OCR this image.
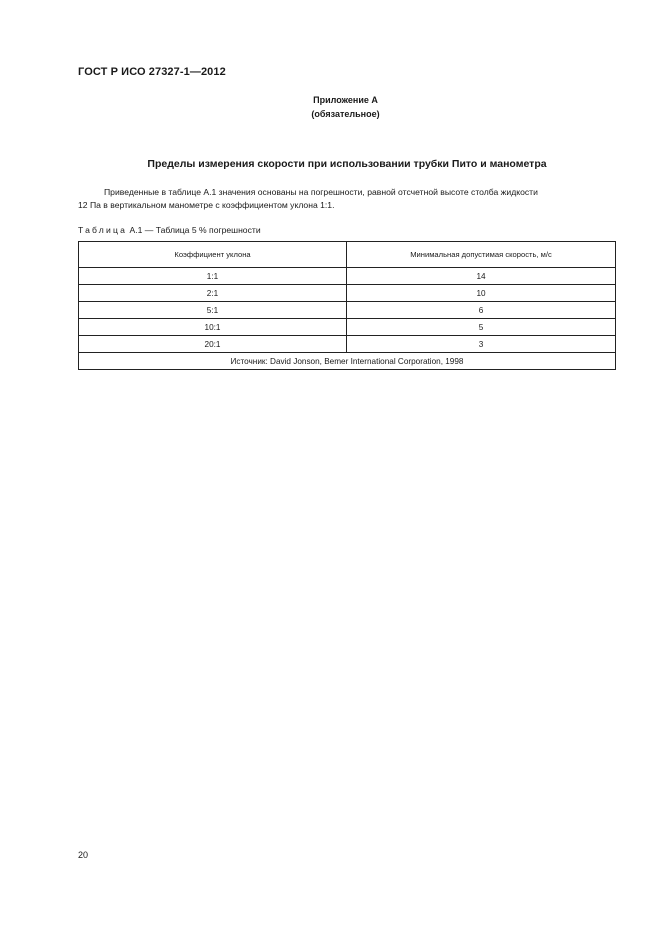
ГОСТ Р ИСО 27327-1—2012
Приложение А
(обязательное)
Пределы измерения скорости при использовании трубки Пито и манометра
Приведенные в таблице А.1 значения основаны на погрешности, равной отсчетной высоте столба жидкости
12 Па в вертикальном манометре с коэффициентом уклона 1:1.
Таблица А.1 — Таблица 5 % погрешности
Коэффициент уклона	Минимальная допустимая скорость, м/с
1:1	14
2:1	10
5:1	6
10:1	5
20:1	3
Источник: David Jonson, Bemer International Corporation, 1998	
20
